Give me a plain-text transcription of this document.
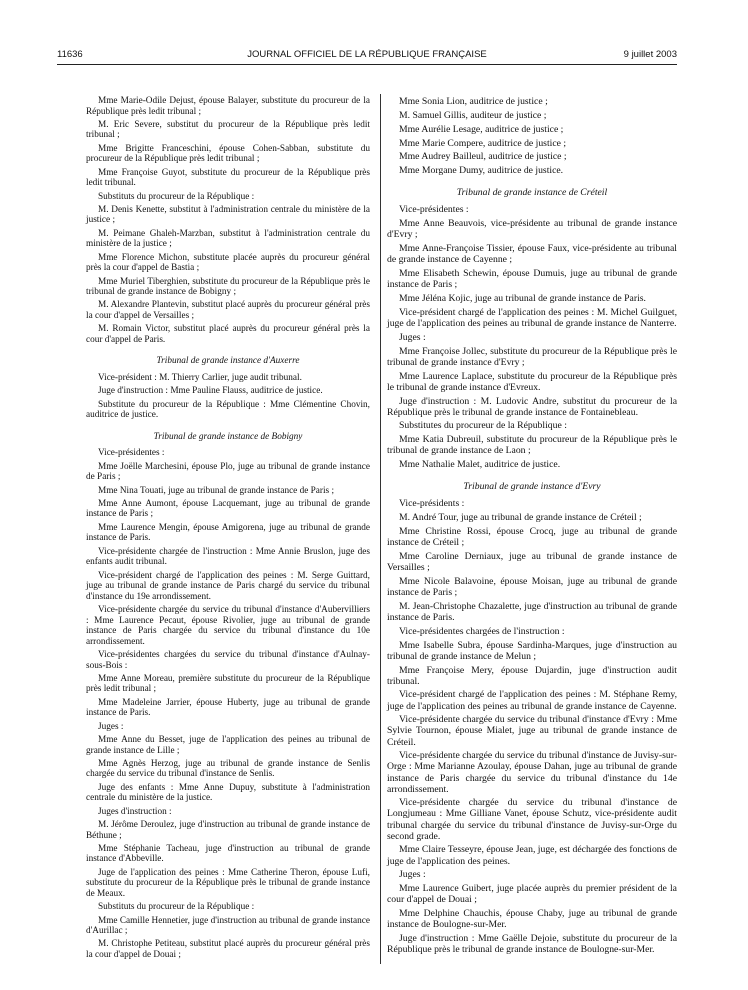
11636	JOURNAL OFFICIEL DE LA RÉPUBLIQUE FRANÇAISE	9 juillet 2003

Mme Marie-Odile Dejust, épouse Balayer, substitute du procureur de la République près ledit tribunal ;

M. Eric Severe, substitut du procureur de la République près ledit tribunal ;

Mme Brigitte Franceschini, épouse Cohen-Sabban, substitute du procureur de la République près ledit tribunal ;

Mme Françoise Guyot, substitute du procureur de la République près ledit tribunal.

Substituts du procureur de la République :

M. Denis Kenette, substitut à l'administration centrale du ministère de la justice ;

M. Peimane Ghaleh-Marzban, substitut à l'administration centrale du ministère de la justice ;

Mme Florence Michon, substitute placée auprès du procureur général près la cour d'appel de Bastia ;

Mme Muriel Tiberghien, substitute du procureur de la République près le tribunal de grande instance de Bobigny ;

M. Alexandre Plantevin, substitut placé auprès du procureur général près la cour d'appel de Versailles ;

M. Romain Victor, substitut placé auprès du procureur général près la cour d'appel de Paris.

Tribunal de grande instance d'Auxerre

Vice-président : M. Thierry Carlier, juge audit tribunal.

Juge d'instruction : Mme Pauline Flauss, auditrice de justice.

Substitute du procureur de la République : Mme Clémentine Chovin, auditrice de justice.

Tribunal de grande instance de Bobigny

Vice-présidentes :

Mme Joëlle Marchesini, épouse Plo, juge au tribunal de grande instance de Paris ;

Mme Nina Touati, juge au tribunal de grande instance de Paris ;

Mme Anne Aumont, épouse Lacquemant, juge au tribunal de grande instance de Paris ;

Mme Laurence Mengin, épouse Amigorena, juge au tribunal de grande instance de Paris.

Vice-présidente chargée de l'instruction : Mme Annie Bruslon, juge des enfants audit tribunal.

Vice-président chargé de l'application des peines : M. Serge Guittard, juge au tribunal de grande instance de Paris chargé du service du tribunal d'instance du 19e arrondissement.

Vice-présidente chargée du service du tribunal d'instance d'Aubervilliers : Mme Laurence Pecaut, épouse Rivolier, juge au tribunal de grande instance de Paris chargée du service du tribunal d'instance du 10e arrondissement.

Vice-présidentes chargées du service du tribunal d'instance d'Aulnay-sous-Bois :

Mme Anne Moreau, première substitute du procureur de la République près ledit tribunal ;

Mme Madeleine Jarrier, épouse Huberty, juge au tribunal de grande instance de Paris.

Juges :

Mme Anne du Besset, juge de l'application des peines au tribunal de grande instance de Lille ;

Mme Agnès Herzog, juge au tribunal de grande instance de Senlis chargée du service du tribunal d'instance de Senlis.

Juge des enfants : Mme Anne Dupuy, substitute à l'administration centrale du ministère de la justice.

Juges d'instruction :

M. Jérôme Deroulez, juge d'instruction au tribunal de grande instance de Béthune ;

Mme Stéphanie Tacheau, juge d'instruction au tribunal de grande instance d'Abbeville.

Juge de l'application des peines : Mme Catherine Theron, épouse Lufi, substitute du procureur de la République près le tribunal de grande instance de Meaux.

Substituts du procureur de la République :

Mme Camille Hennetier, juge d'instruction au tribunal de grande instance d'Aurillac ;

M. Christophe Petiteau, substitut placé auprès du procureur général près la cour d'appel de Douai ;

Mme Sonia Lion, auditrice de justice ;

M. Samuel Gillis, auditeur de justice ;

Mme Aurélie Lesage, auditrice de justice ;

Mme Marie Compere, auditrice de justice ;

Mme Audrey Bailleul, auditrice de justice ;

Mme Morgane Dumy, auditrice de justice.

Tribunal de grande instance de Créteil

Vice-présidentes :

Mme Anne Beauvois, vice-présidente au tribunal de grande instance d'Evry ;

Mme Anne-Françoise Tissier, épouse Faux, vice-présidente au tribunal de grande instance de Cayenne ;

Mme Elisabeth Schewin, épouse Dumuis, juge au tribunal de grande instance de Paris ;

Mme Jéléna Kojic, juge au tribunal de grande instance de Paris.

Vice-président chargé de l'application des peines : M. Michel Guilguet, juge de l'application des peines au tribunal de grande instance de Nanterre.

Juges :

Mme Françoise Jollec, substitute du procureur de la République près le tribunal de grande instance d'Evry ;

Mme Laurence Laplace, substitute du procureur de la République près le tribunal de grande instance d'Evreux.

Juge d'instruction : M. Ludovic Andre, substitut du procureur de la République près le tribunal de grande instance de Fontainebleau.

Substitutes du procureur de la République :

Mme Katia Dubreuil, substitute du procureur de la République près le tribunal de grande instance de Laon ;

Mme Nathalie Malet, auditrice de justice.

Tribunal de grande instance d'Evry

Vice-présidents :

M. André Tour, juge au tribunal de grande instance de Créteil ;

Mme Christine Rossi, épouse Crocq, juge au tribunal de grande instance de Créteil ;

Mme Caroline Derniaux, juge au tribunal de grande instance de Versailles ;

Mme Nicole Balavoine, épouse Moisan, juge au tribunal de grande instance de Paris ;

M. Jean-Christophe Chazalette, juge d'instruction au tribunal de grande instance de Paris.

Vice-présidentes chargées de l'instruction :

Mme Isabelle Subra, épouse Sardinha-Marques, juge d'instruction au tribunal de grande instance de Melun ;

Mme Françoise Mery, épouse Dujardin, juge d'instruction audit tribunal.

Vice-président chargé de l'application des peines : M. Stéphane Remy, juge de l'application des peines au tribunal de grande instance de Cayenne.

Vice-présidente chargée du service du tribunal d'instance d'Evry : Mme Sylvie Tournon, épouse Mialet, juge au tribunal de grande instance de Créteil.

Vice-présidente chargée du service du tribunal d'instance de Juvisy-sur-Orge : Mme Marianne Azoulay, épouse Dahan, juge au tribunal de grande instance de Paris chargée du service du tribunal d'instance du 14e arrondissement.

Vice-présidente chargée du service du tribunal d'instance de Longjumeau : Mme Gilliane Vanet, épouse Schutz, vice-présidente audit tribunal chargée du service du tribunal d'instance de Juvisy-sur-Orge du second grade.

Mme Claire Tesseyre, épouse Jean, juge, est déchargée des fonctions de juge de l'application des peines.

Juges :

Mme Laurence Guibert, juge placée auprès du premier président de la cour d'appel de Douai ;

Mme Delphine Chauchis, épouse Chaby, juge au tribunal de grande instance de Boulogne-sur-Mer.

Juge d'instruction : Mme Gaëlle Dejoie, substitute du procureur de la République près le tribunal de grande instance de Boulogne-sur-Mer.
